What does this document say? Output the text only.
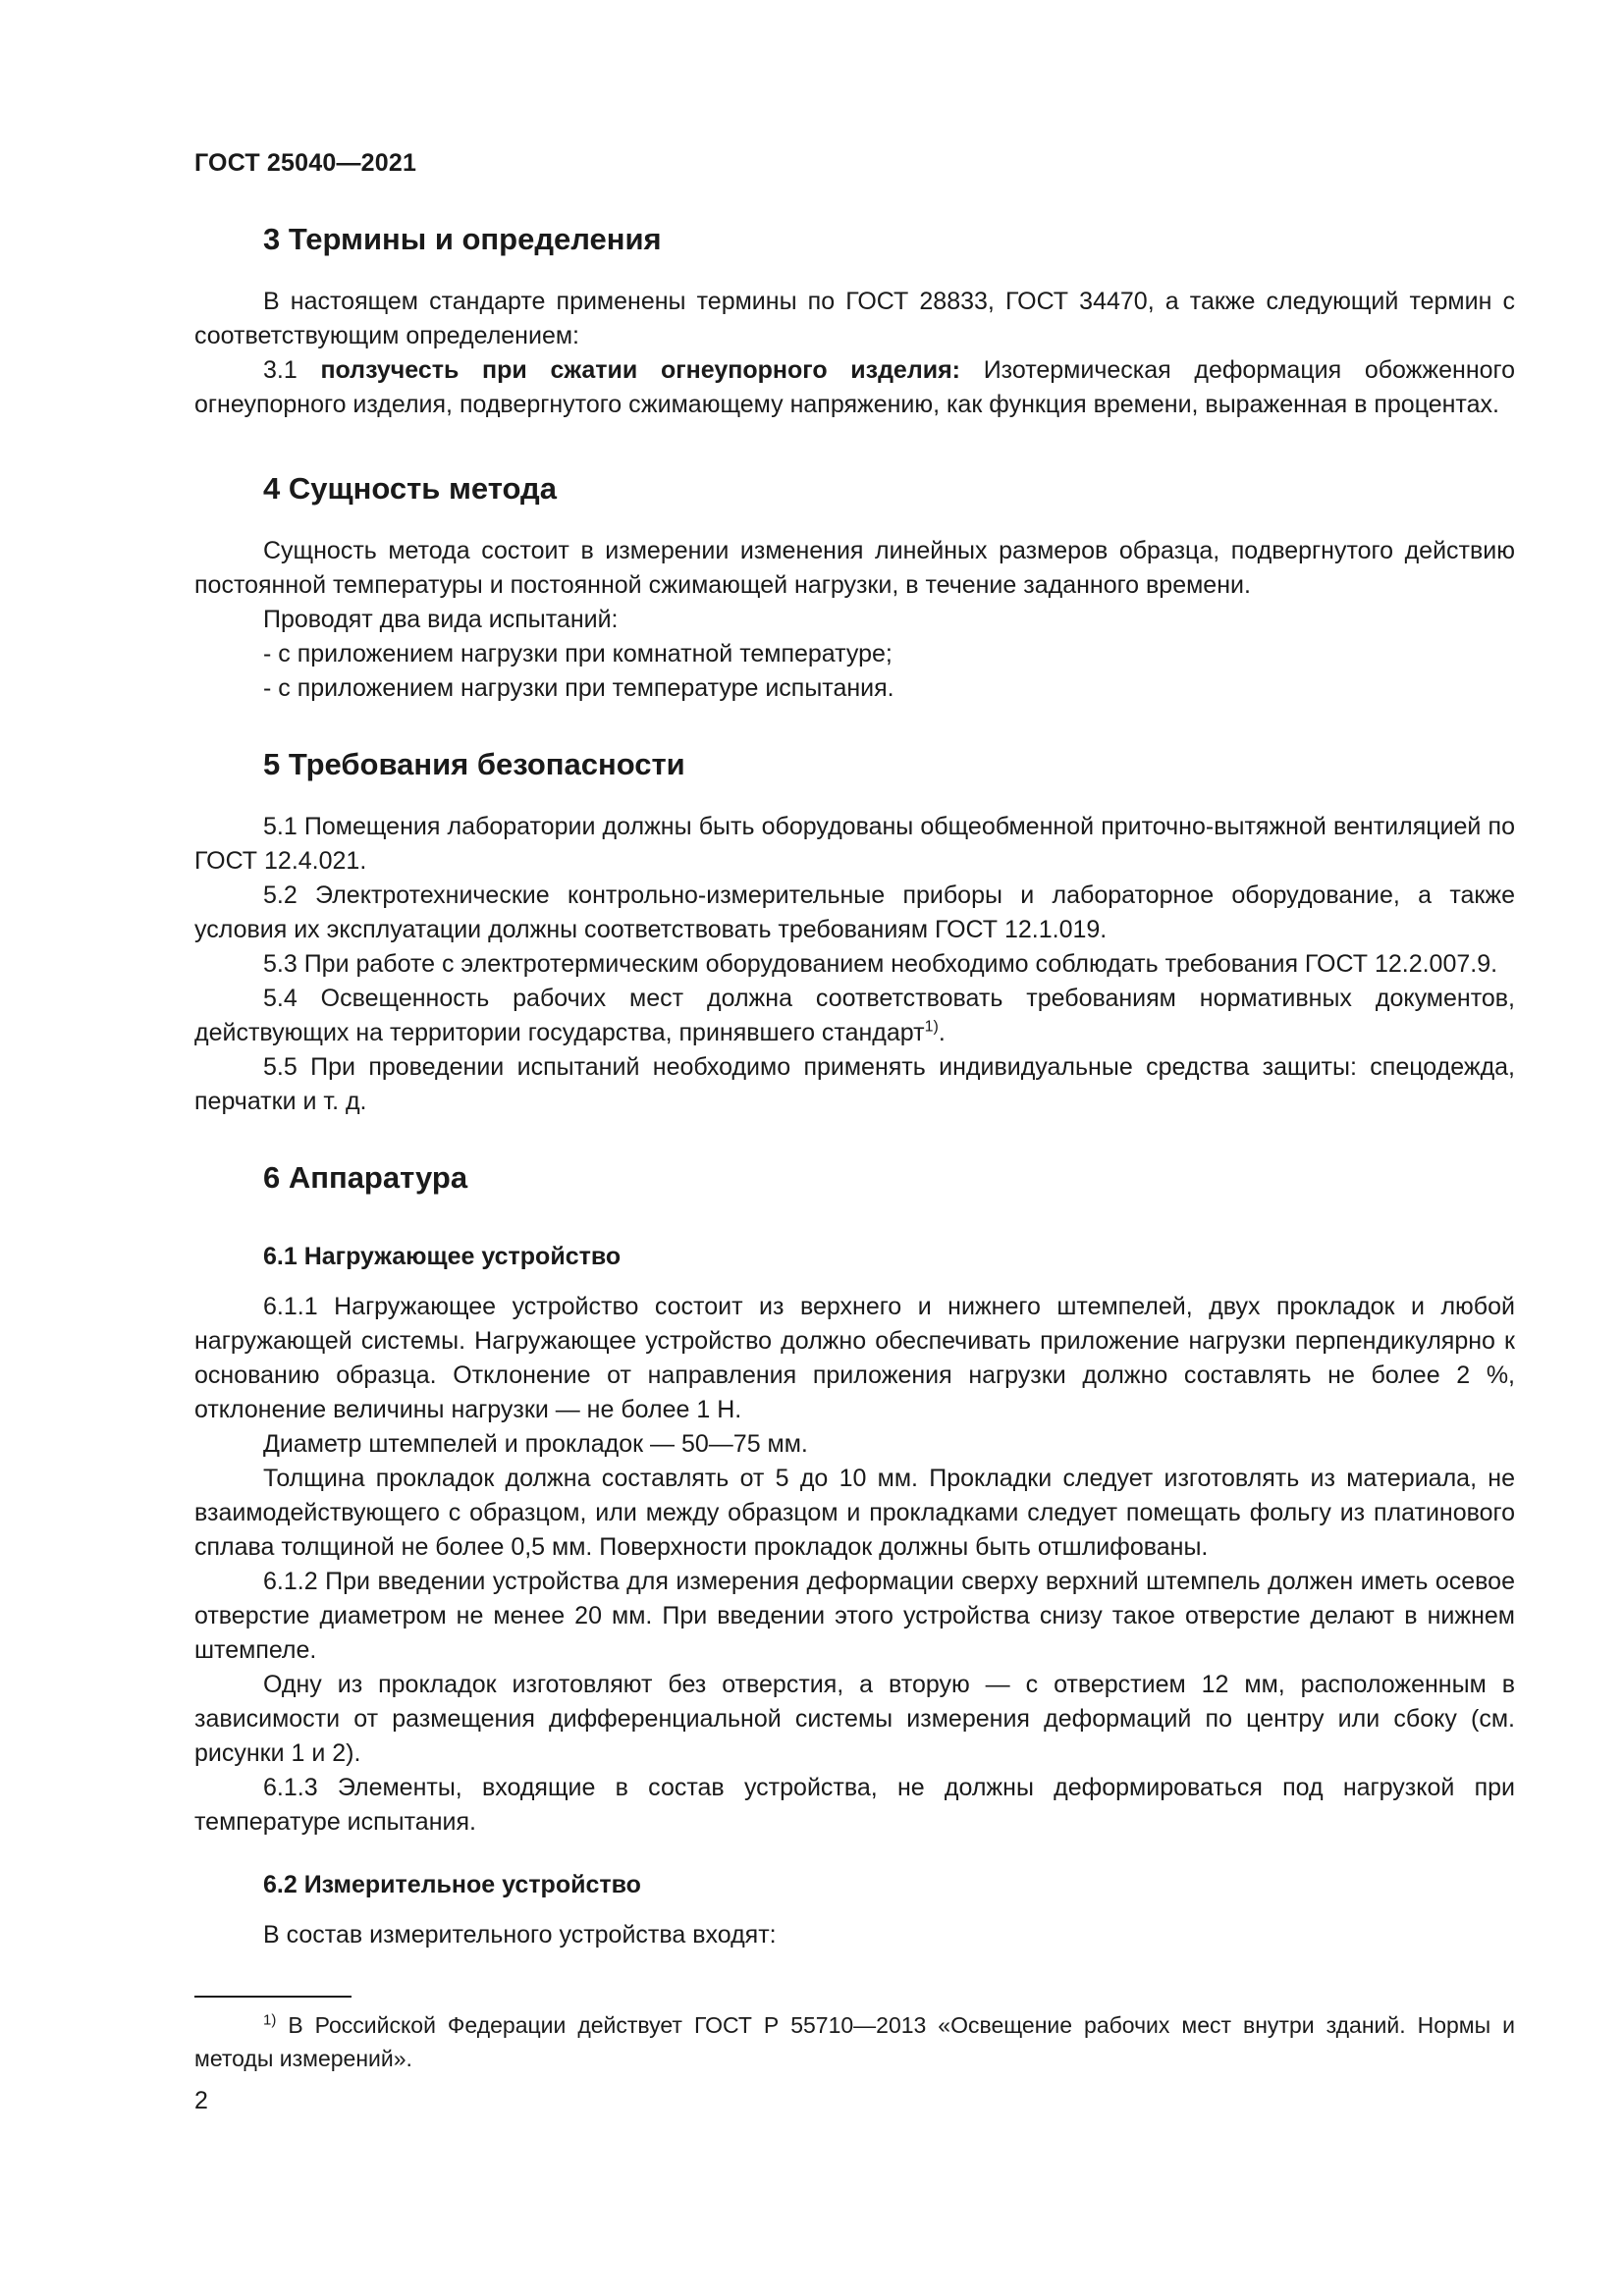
ГОСТ 25040—2021
3 Термины и определения

В настоящем стандарте применены термины по ГОСТ 28833, ГОСТ 34470, а также следующий термин с соответствующим определением:

3.1 ползучесть при сжатии огнеупорного изделия: Изотермическая деформация обожженного огнеупорного изделия, подвергнутого сжимающему напряжению, как функция времени, выраженная в процентах.

4 Сущность метода

Сущность метода состоит в измерении изменения линейных размеров образца, подвергнутого действию постоянной температуры и постоянной сжимающей нагрузки, в течение заданного времени.

Проводят два вида испытаний:

- с приложением нагрузки при комнатной температуре;

- с приложением нагрузки при температуре испытания.

5 Требования безопасности

5.1 Помещения лаборатории должны быть оборудованы общеобменной приточно-вытяжной вентиляцией по ГОСТ 12.4.021.

5.2 Электротехнические контрольно-измерительные приборы и лабораторное оборудование, а также условия их эксплуатации должны соответствовать требованиям ГОСТ 12.1.019.

5.3 При работе с электротермическим оборудованием необходимо соблюдать требования ГОСТ 12.2.007.9.

5.4 Освещенность рабочих мест должна соответствовать требованиям нормативных документов, действующих на территории государства, принявшего стандарт$^{1)}$.

5.5 При проведении испытаний необходимо применять индивидуальные средства защиты: спецодежда, перчатки и т. д.

6 Аппаратура
6.1 Нагружающее устройство

6.1.1 Нагружающее устройство состоит из верхнего и нижнего штемпелей, двух прокладок и любой нагружающей системы. Нагружающее устройство должно обеспечивать приложение нагрузки перпендикулярно к основанию образца. Отклонение от направления приложения нагрузки должно составлять не более 2 %, отклонение величины нагрузки — не более 1 Н.

Диаметр штемпелей и прокладок — 50—75 мм.

Толщина прокладок должна составлять от 5 до 10 мм. Прокладки следует изготовлять из материала, не взаимодействующего с образцом, или между образцом и прокладками следует помещать фольгу из платинового сплава толщиной не более 0,5 мм. Поверхности прокладок должны быть отшлифованы.

6.1.2 При введении устройства для измерения деформации сверху верхний штемпель должен иметь осевое отверстие диаметром не менее 20 мм. При введении этого устройства снизу такое отверстие делают в нижнем штемпеле.

Одну из прокладок изготовляют без отверстия, а вторую — с отверстием 12 мм, расположенным в зависимости от размещения дифференциальной системы измерения деформаций по центру или сбоку (см. рисунки 1 и 2).

6.1.3 Элементы, входящие в состав устройства, не должны деформироваться под нагрузкой при температуре испытания.

6.2 Измерительное устройство

В состав измерительного устройства входят:

$^{1)}$ В Российской Федерации действует ГОСТ Р 55710—2013 «Освещение рабочих мест внутри зданий. Нормы и методы измерений».
2
